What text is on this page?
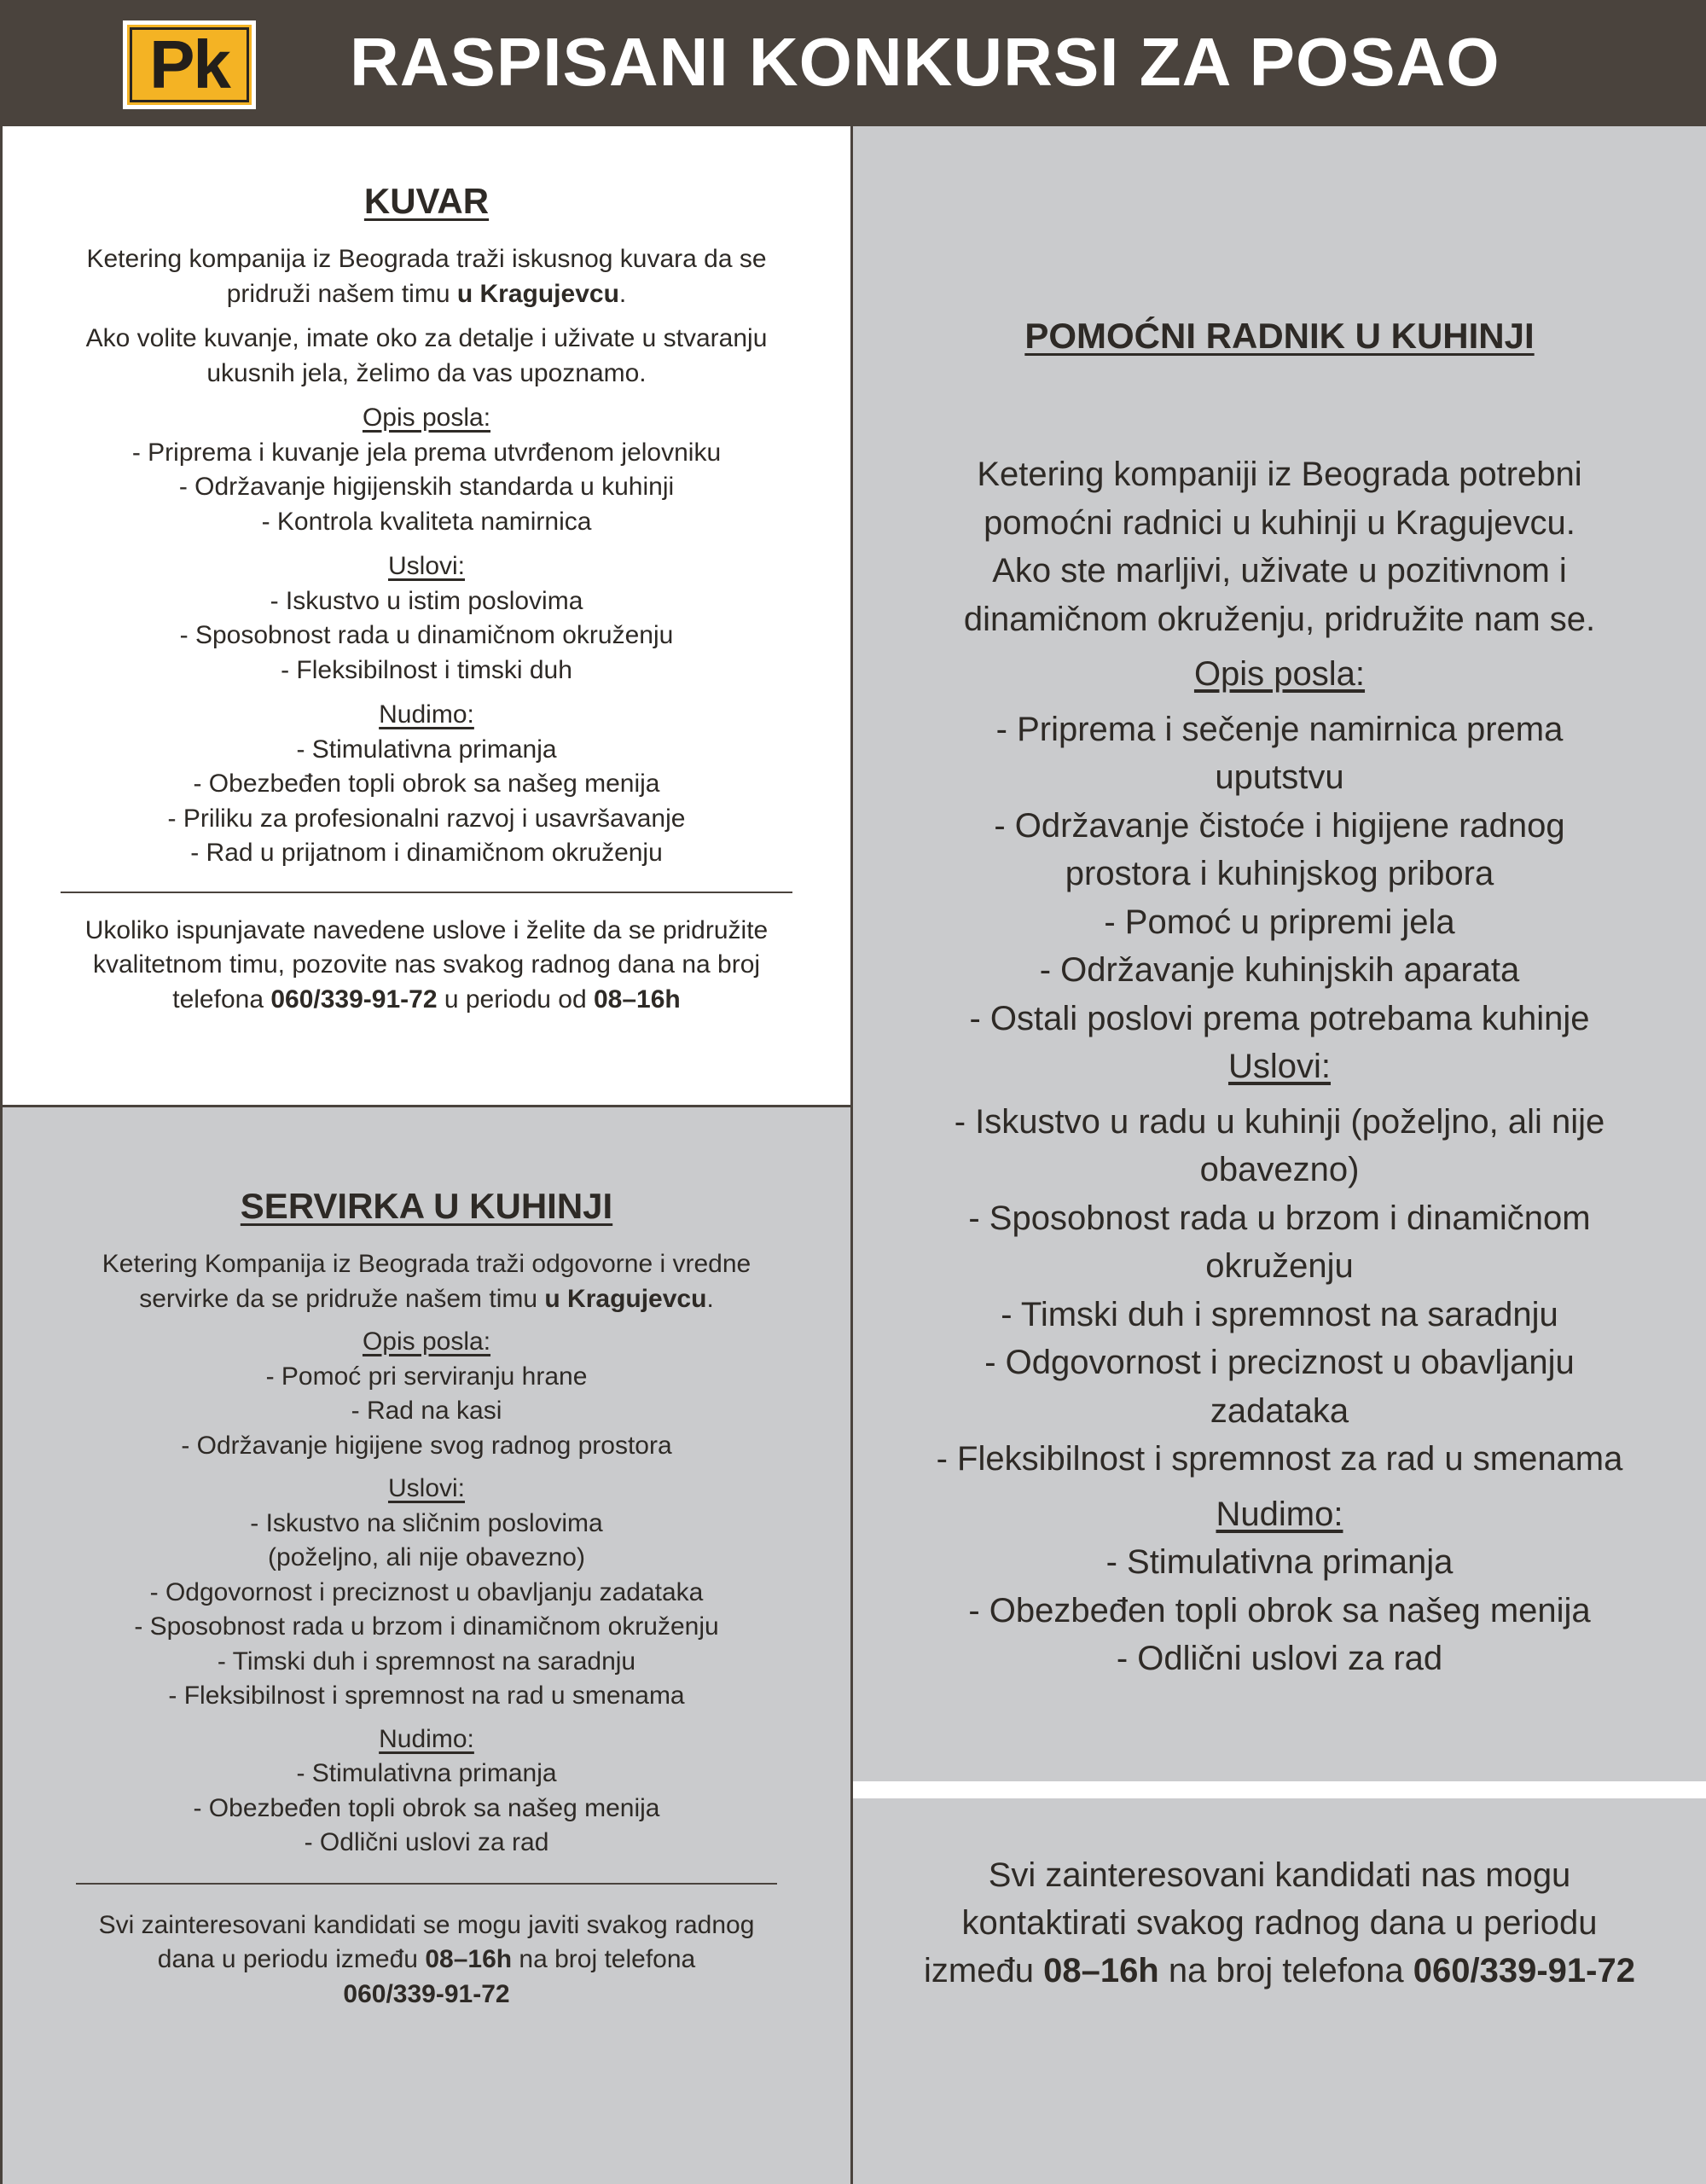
Pk	RASPISANI KONKURSI ZA POSAO
KUVAR
Ketering kompanija iz Beograda traži iskusnog kuvara da se
pridruži našem timu u Kragujevcu.
Ako volite kuvanje, imate oko za detalje i uživate u stvaranju
ukusnih jela, želimo da vas upoznamo.
Opis posla:
- Priprema i kuvanje jela prema utvrđenom jelovniku
- Održavanje higijenskih standarda u kuhinji
- Kontrola kvaliteta namirnica
Uslovi:
- Iskustvo u istim poslovima
- Sposobnost rada u dinamičnom okruženju
- Fleksibilnost i timski duh
Nudimo:
- Stimulativna primanja
- Obezbeđen topli obrok sa našeg menija
- Priliku za profesionalni razvoj i usavršavanje
- Rad u prijatnom i dinamičnom okruženju
Ukoliko ispunjavate navedene uslove i želite da se pridružite
kvalitetnom timu, pozovite nas svakog radnog dana na broj
telefona 060/339-91-72 u periodu od 08–16h
SERVIRKA U KUHINJI
Ketering Kompanija iz Beograda traži odgovorne i vredne
servirke da se pridruže našem timu u Kragujevcu.
Opis posla:
- Pomoć pri serviranju hrane
- Rad na kasi
- Održavanje higijene svog radnog prostora
Uslovi:
- Iskustvo na sličnim poslovima
(poželjno, ali nije obavezno)
- Odgovornost i preciznost u obavljanju zadataka
- Sposobnost rada u brzom i dinamičnom okruženju
- Timski duh i spremnost na saradnju
- Fleksibilnost i spremnost na rad u smenama
Nudimo:
- Stimulativna primanja
- Obezbeđen topli obrok sa našeg menija
- Odlični uslovi za rad
Svi zainteresovani kandidati se mogu javiti svakog radnog
dana u periodu između 08–16h na broj telefona
060/339-91-72
POMOĆNI RADNIK U KUHINJI
Ketering kompaniji iz Beograda potrebni
pomoćni radnici u kuhinji u Kragujevcu.
Ako ste marljivi, uživate u pozitivnom i
dinamičnom okruženju, pridružite nam se.
Opis posla:
- Priprema i sečenje namirnica prema
uputstvu
- Održavanje čistoće i higijene radnog
prostora i kuhinjskog pribora
- Pomoć u pripremi jela
- Održavanje kuhinjskih aparata
- Ostali poslovi prema potrebama kuhinje
Uslovi:
- Iskustvo u radu u kuhinji (poželjno, ali nije
obavezno)
- Sposobnost rada u brzom i dinamičnom
okruženju
- Timski duh i spremnost na saradnju
- Odgovornost i preciznost u obavljanju
zadataka
- Fleksibilnost i spremnost za rad u smenama
Nudimo:
- Stimulativna primanja
- Obezbeđen topli obrok sa našeg menija
- Odlični uslovi za rad
Svi zainteresovani kandidati nas mogu
kontaktirati svakog radnog dana u periodu
između 08–16h na broj telefona 060/339-91-72
